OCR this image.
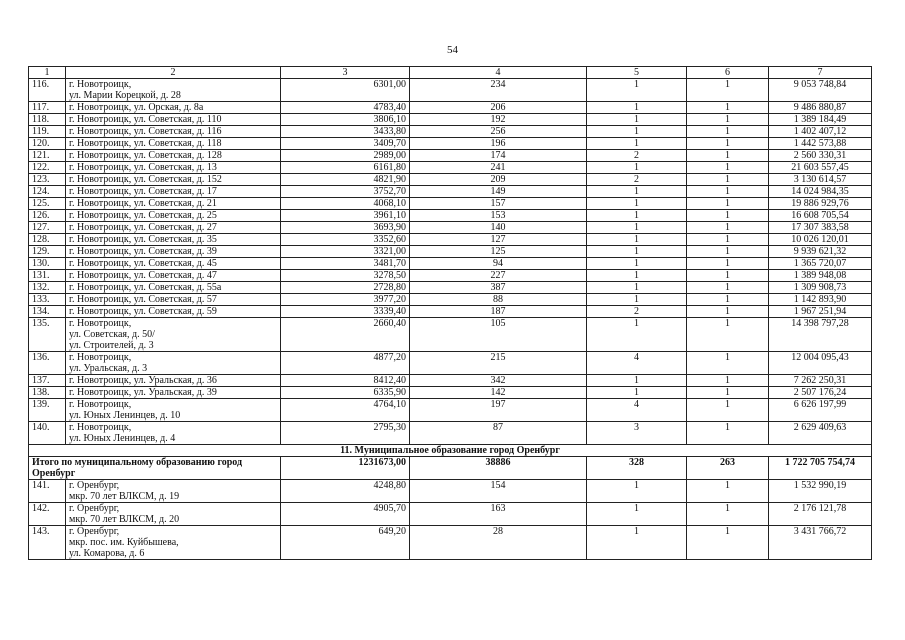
54
1	2	3	4	5	6	7
116.	г. Новотроицк,
ул. Марии Корецкой, д. 28	6301,00	234	1	1	9 053 748,84
117.	г. Новотроицк, ул. Орская, д. 8а	4783,40	206	1	1	9 486 880,87
118.	г. Новотроицк, ул. Советская, д. 110	3806,10	192	1	1	1 389 184,49
119.	г. Новотроицк, ул. Советская, д. 116	3433,80	256	1	1	1 402 407,12
120.	г. Новотроицк, ул. Советская, д. 118	3409,70	196	1	1	1 442 573,88
121.	г. Новотроицк, ул. Советская, д. 128	2989,00	174	2	1	2 560 330,31
122.	г. Новотроицк, ул. Советская, д. 13	6161,80	241	1	1	21 603 557,45
123.	г. Новотроицк, ул. Советская, д. 152	4821,90	209	2	1	3 130 614,57
124.	г. Новотроицк, ул. Советская, д. 17	3752,70	149	1	1	14 024 984,35
125.	г. Новотроицк, ул. Советская, д. 21	4068,10	157	1	1	19 886 929,76
126.	г. Новотроицк, ул. Советская, д. 25	3961,10	153	1	1	16 608 705,54
127.	г. Новотроицк, ул. Советская, д. 27	3693,90	140	1	1	17 307 383,58
128.	г. Новотроицк, ул. Советская, д. 35	3352,60	127	1	1	10 026 120,01
129.	г. Новотроицк, ул. Советская, д. 39	3321,00	125	1	1	9 939 621,32
130.	г. Новотроицк, ул. Советская, д. 45	3481,70	94	1	1	1 365 720,07
131.	г. Новотроицк, ул. Советская, д. 47	3278,50	227	1	1	1 389 948,08
132.	г. Новотроицк, ул. Советская, д. 55а	2728,80	387	1	1	1 309 908,73
133.	г. Новотроицк, ул. Советская, д. 57	3977,20	88	1	1	1 142 893,90
134.	г. Новотроицк, ул. Советская, д. 59	3339,40	187	2	1	1 967 251,94
135.	г. Новотроицк,
ул. Советская, д. 50/
ул. Строителей, д. 3	2660,40	105	1	1	14 398 797,28
136.	г. Новотроицк,
ул. Уральская, д. 3	4877,20	215	4	1	12 004 095,43
137.	г. Новотроицк, ул. Уральская, д. 36	8412,40	342	1	1	7 262 250,31
138.	г. Новотроицк, ул. Уральская, д. 39	6335,90	142	1	1	2 507 176,24
139.	г. Новотроицк,
ул. Юных Ленинцев, д. 10	4764,10	197	4	1	6 626 197,99
140.	г. Новотроицк,
ул. Юных Ленинцев, д. 4	2795,30	87	3	1	2 629 409,63
11. Муниципальное образование город Оренбург						
Итого по муниципальному образованию город Оренбург		1231673,00	38886	328	263	1 722 705 754,74
141.	г. Оренбург,
мкр. 70 лет ВЛКСМ, д. 19	4248,80	154	1	1	1 532 990,19
142.	г. Оренбург,
мкр. 70 лет ВЛКСМ, д. 20	4905,70	163	1	1	2 176 121,78
143.	г. Оренбург,
мкр. пос. им. Куйбышева,
ул. Комарова, д. 6	649,20	28	1	1	3 431 766,72
